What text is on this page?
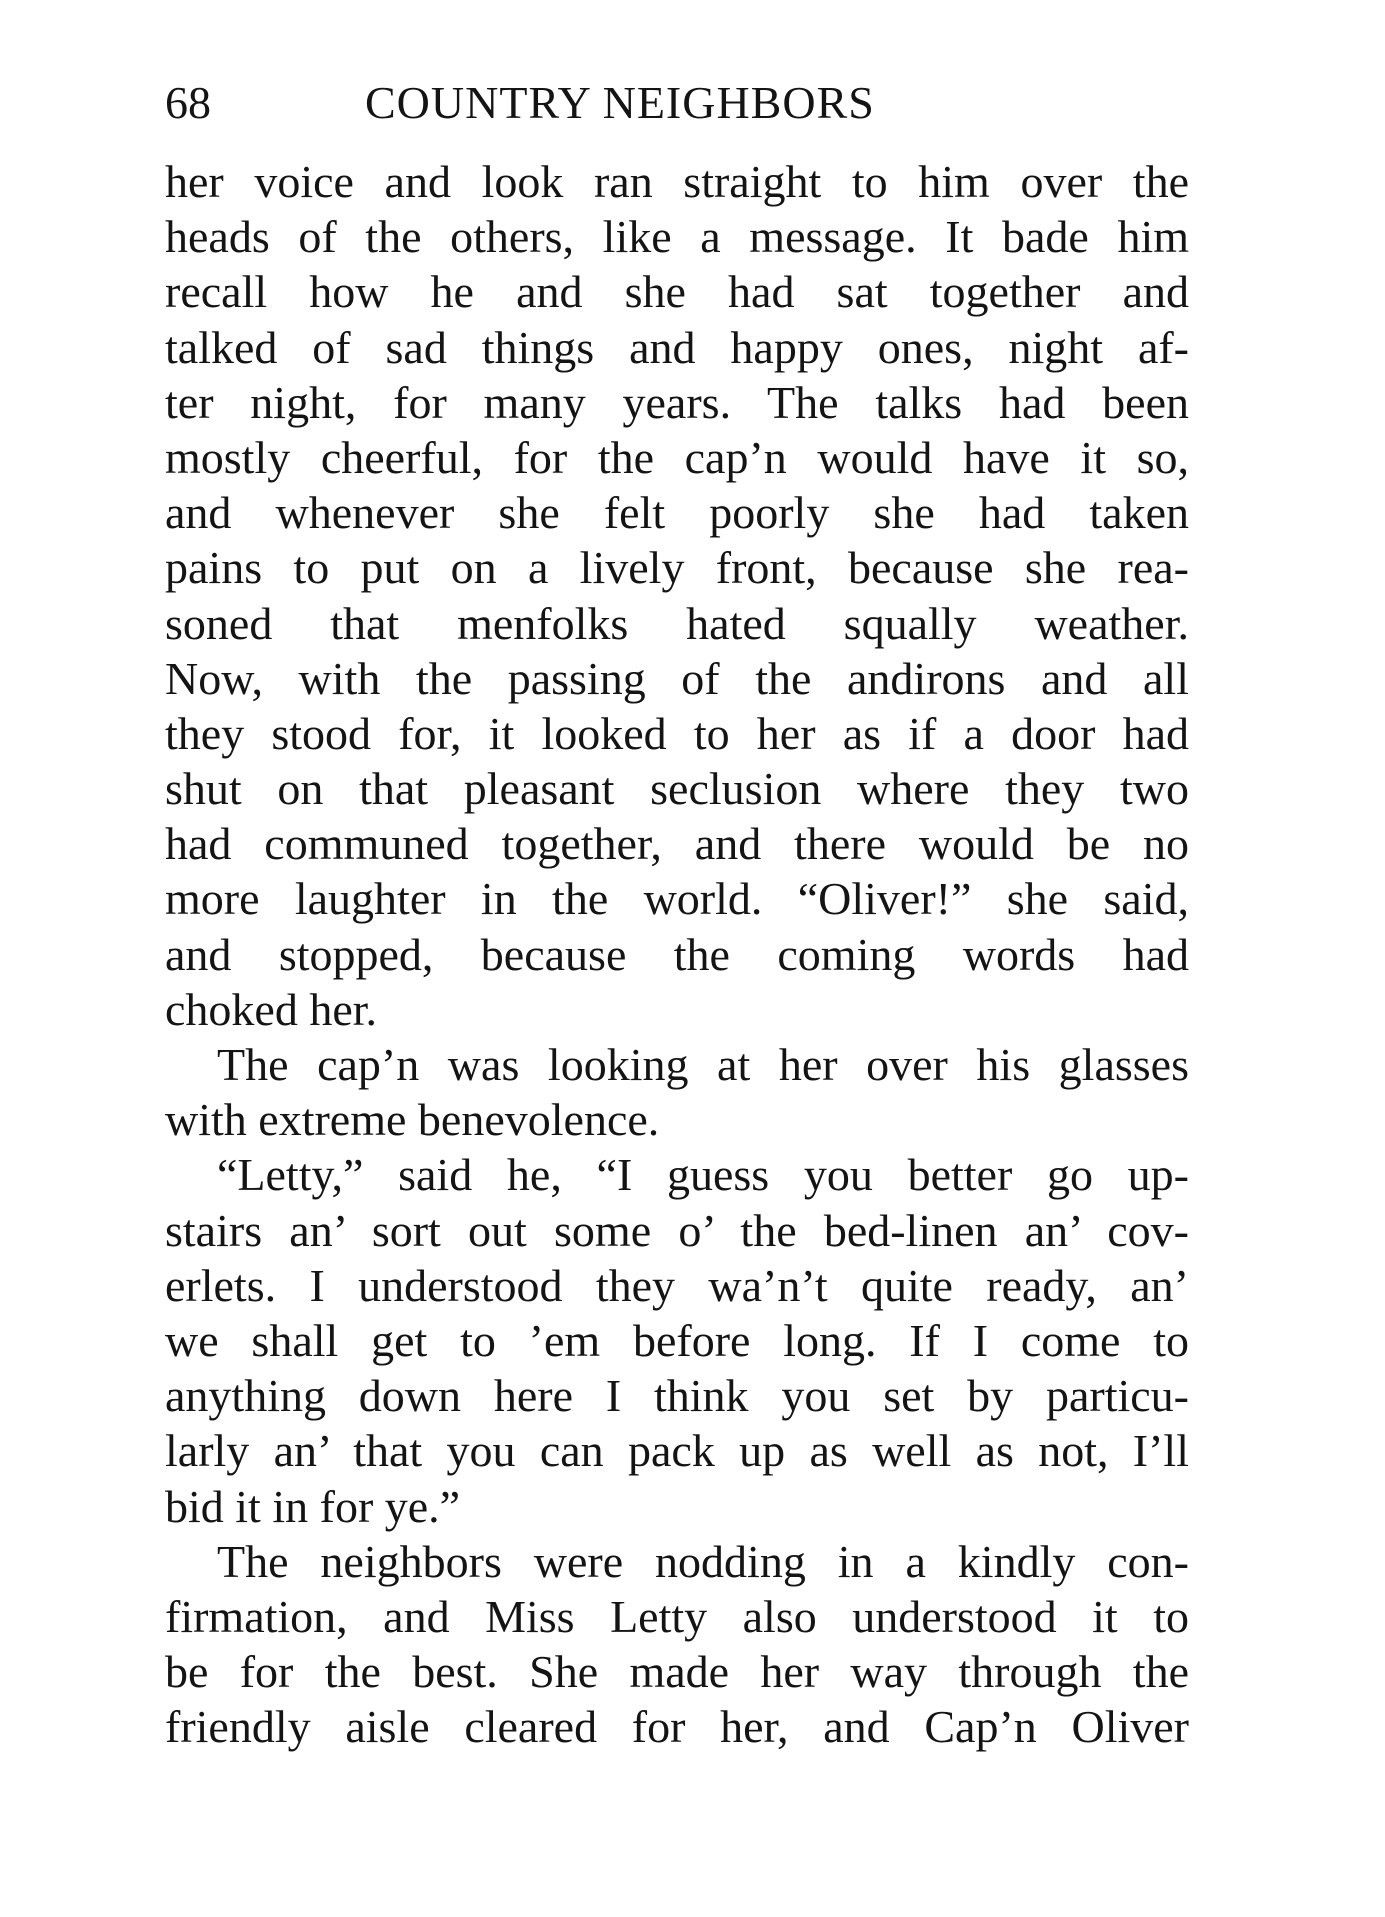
68	COUNTRY NEIGHBORS
her voice and look ran straight to him over the
heads of the others, like a message. It bade him
recall how he and she had sat together and
talked of sad things and happy ones, night af-
ter night, for many years. The talks had been
mostly cheerful, for the cap’n would have it so,
and whenever she felt poorly she had taken
pains to put on a lively front, because she rea-
soned that menfolks hated squally weather.
Now, with the passing of the andirons and all
they stood for, it looked to her as if a door had
shut on that pleasant seclusion where they two
had communed together, and there would be no
more laughter in the world. “Oliver!” she said,
and stopped, because the coming words had
choked her.
The cap’n was looking at her over his glasses
with extreme benevolence.
“Letty,” said he, “I guess you better go up-
stairs an’ sort out some o’ the bed-linen an’ cov-
erlets. I understood they wa’n’t quite ready, an’
we shall get to ’em before long. If I come to
anything down here I think you set by particu-
larly an’ that you can pack up as well as not, I’ll
bid it in for ye.”
The neighbors were nodding in a kindly con-
firmation, and Miss Letty also understood it to
be for the best. She made her way through the
friendly aisle cleared for her, and Cap’n Oliver
